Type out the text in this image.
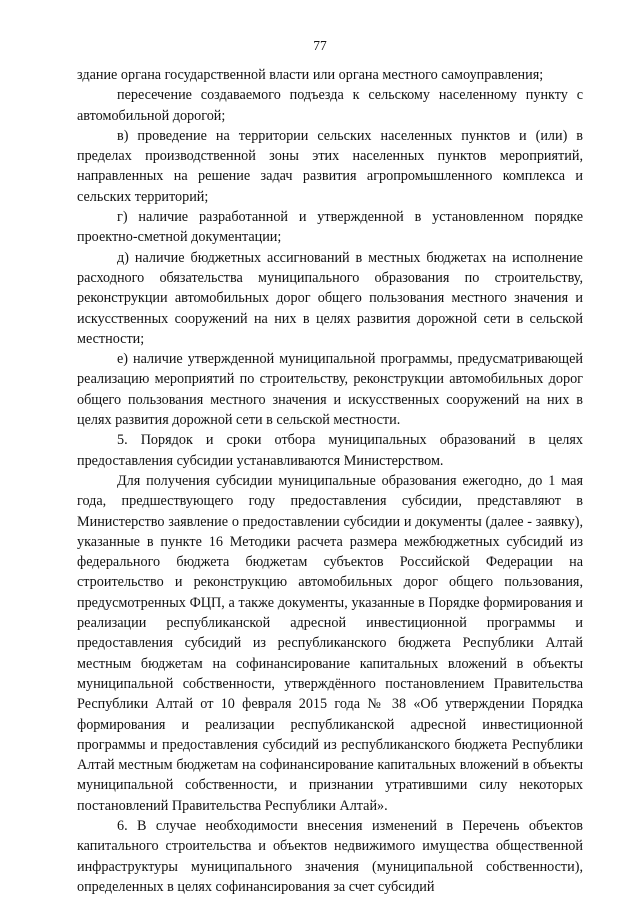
77

здание органа государственной власти или органа местного самоуправления;

пересечение создаваемого подъезда к сельскому населенному пункту с автомобильной дорогой;

в) проведение на территории сельских населенных пунктов и (или) в пределах производственной зоны этих населенных пунктов мероприятий, направленных на решение задач развития агропромышленного комплекса и сельских территорий;

г) наличие разработанной и утвержденной в установленном порядке проектно-сметной документации;

д) наличие бюджетных ассигнований в местных бюджетах на исполнение расходного обязательства муниципального образования по строительству, реконструкции автомобильных дорог общего пользования местного значения и искусственных сооружений на них в целях развития дорожной сети в сельской местности;

е) наличие утвержденной муниципальной программы, предусматривающей реализацию мероприятий по строительству, реконструкции автомобильных дорог общего пользования местного значения и искусственных сооружений на них в целях развития дорожной сети в сельской местности.

5. Порядок и сроки отбора муниципальных образований в целях предоставления субсидии устанавливаются Министерством.

Для получения субсидии муниципальные образования ежегодно, до 1 мая года, предшествующего году предоставления субсидии, представляют в Министерство заявление о предоставлении субсидии и документы (далее - заявку), указанные в пункте 16 Методики расчета размера межбюджетных субсидий из федерального бюджета бюджетам субъектов Российской Федерации на строительство и реконструкцию автомобильных дорог общего пользования, предусмотренных ФЦП, а также документы, указанные в Порядке формирования и реализации республиканской адресной инвестиционной программы и предоставления субсидий из республиканского бюджета Республики Алтай местным бюджетам на софинансирование капитальных вложений в объекты муниципальной собственности, утверждённого постановлением Правительства Республики Алтай от 10 февраля 2015 года № 38 «Об утверждении Порядка формирования и реализации республиканской адресной инвестиционной программы и предоставления субсидий из республиканского бюджета Республики Алтай местным бюджетам на софинансирование капитальных вложений в объекты муниципальной собственности, и признании утратившими силу некоторых постановлений Правительства Республики Алтай».

6. В случае необходимости внесения изменений в Перечень объектов капитального строительства и объектов недвижимого имущества общественной инфраструктуры муниципального значения (муниципальной собственности), определенных в целях софинансирования за счет субсидий
